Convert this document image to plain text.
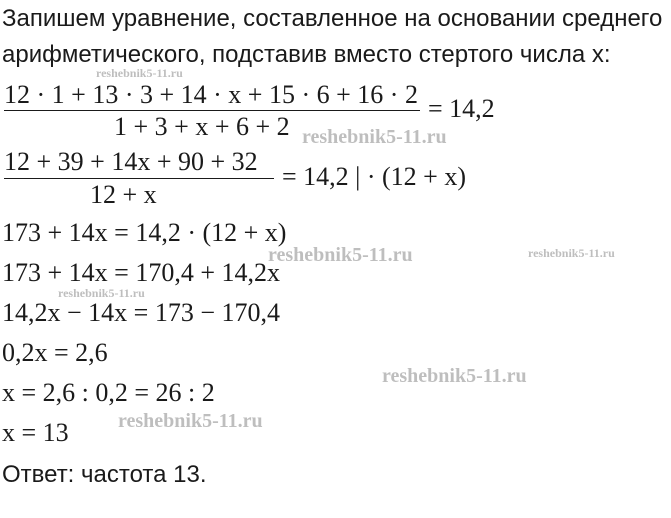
Запишем уравнение, составленное на основании среднего
арифметического, подставив вместо стертого числа x:
12 · 1 + 13 · 3 + 14 · x + 15 · 6 + 16 · 2
1 + 3 + x + 6 + 2
= 14,2
12 + 39 + 14x + 90 + 32
12 + x
= 14,2 | · (12 + x)
173 + 14x = 14,2 · (12 + x)
173 + 14x = 170,4 + 14,2x
14,2x − 14x = 173 − 170,4
0,2x = 2,6
x = 2,6 : 0,2 = 26 : 2
x = 13
Ответ: частота 13.
reshebnik5-11.ru
reshebnik5-11.ru
reshebnik5-11.ru	reshebnik5-11.ru
reshebnik5-11.ru
reshebnik5-11.ru
reshebnik5-11.ru
